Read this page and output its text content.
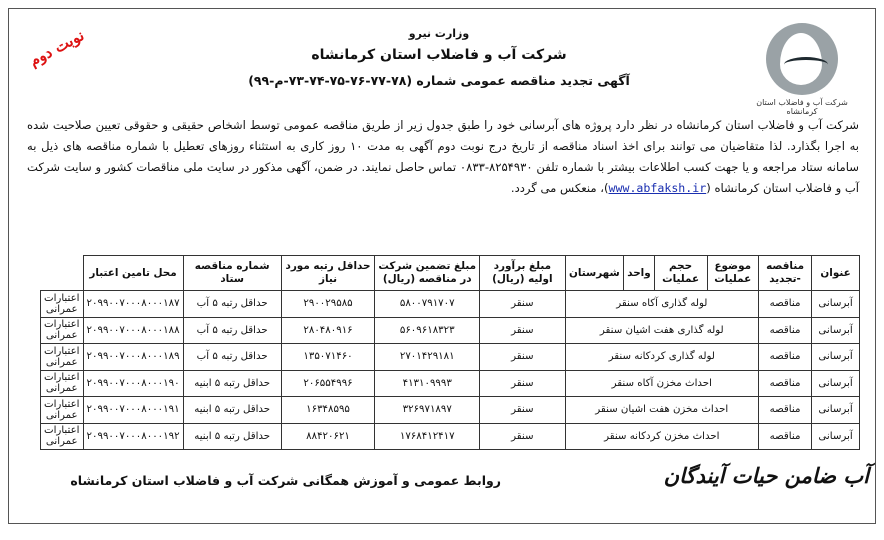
شرکت آب و فاضلاب استان کرمانشاه
نوبت دوم	وزارت نیرو
شرکت آب و فاضلاب استان کرمانشاه
آگهی تجدید مناقصه عمومی شماره (۷۸-۷۷-۷۶-۷۵-۷۴-۷۳-م-۹۹)
شرکت آب و فاضلاب استان کرمانشاه در نظر دارد پروژه های آبرسانی خود را طبق جدول زیر از طریق مناقصه عمومی توسط اشخاص حقیقی و حقوقی تعیین صلاحیت شده به اجرا بگذارد. لذا متقاضیان می توانند برای اخذ اسناد مناقصه از تاریخ درج نوبت دوم آگهی به مدت ۱۰ روز کاری به استثناء روزهای تعطیل با شماره مناقصه های ذیل به سامانه ستاد مراجعه و یا جهت کسب اطلاعات بیشتر با شماره تلفن ۸۲۵۴۹۳۰-۰۸۳۳ تماس حاصل نمایند. در ضمن، آگهی مذکور در سایت ملی مناقصات کشور و سایت شرکت آب و فاضلاب استان کرمانشاه (www.abfaksh.ir)، منعکس می گردد.
عنوان	مناقصه -تجدید	موضوع عملیات	حجم عملیات	واحد	شهرستان	مبلغ برآورد اولیه (ریال)	مبلغ تضمین شرکت در مناقصه (ریال)	حداقل رتبه مورد نیاز	شماره مناقصه ستاد	محل تامین اعتبار	
آبرسانی	مناقصه	لوله گذاری آکاه سنقر				سنقر	۵۸۰۰۷۹۱۷۰۷	۲۹۰۰۲۹۵۸۵	حداقل رتبه ۵ آب	۲۰۹۹۰۰۷۰۰۰۸۰۰۰۱۸۷	اعتبارات عمرانی
آبرسانی	مناقصه	لوله گذاری هفت اشیان سنقر				سنقر	۵۶۰۹۶۱۸۳۲۳	۲۸۰۴۸۰۹۱۶	حداقل رتبه ۵ آب	۲۰۹۹۰۰۷۰۰۰۸۰۰۰۱۸۸	اعتبارات عمرانی
آبرسانی	مناقصه	لوله گذاری کردکانه سنقر				سنقر	۲۷۰۱۴۲۹۱۸۱	۱۳۵۰۷۱۴۶۰	حداقل رتبه ۵ آب	۲۰۹۹۰۰۷۰۰۰۸۰۰۰۱۸۹	اعتبارات عمرانی
آبرسانی	مناقصه	احداث مخزن آکاه سنقر				سنقر	۴۱۳۱۰۹۹۹۳	۲۰۶۵۵۴۹۹۶	حداقل رتبه ۵ ابنیه	۲۰۹۹۰۰۷۰۰۰۸۰۰۰۱۹۰	اعتبارات عمرانی
آبرسانی	مناقصه	احداث مخزن هفت اشیان سنقر				سنقر	۳۲۶۹۷۱۸۹۷	۱۶۳۴۸۵۹۵	حداقل رتبه ۵ ابنیه	۲۰۹۹۰۰۷۰۰۰۸۰۰۰۱۹۱	اعتبارات عمرانی
آبرسانی	مناقصه	احداث مخزن کردکانه سنقر				سنقر	۱۷۶۸۴۱۲۴۱۷	۸۸۴۲۰۶۲۱	حداقل رتبه ۵ ابنیه	۲۰۹۹۰۰۷۰۰۰۸۰۰۰۱۹۲	اعتبارات عمرانی
روابط عمومی و آموزش همگانی شرکت آب و فاضلاب استان کرمانشاه	آب ضامن حیات آیندگان
